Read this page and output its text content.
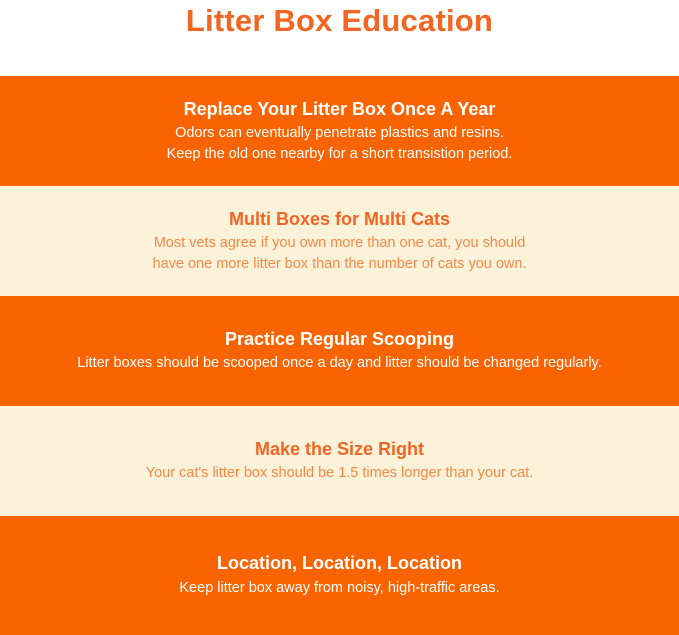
Litter Box Education
Replace Your Litter Box Once A Year
Odors can eventually penetrate plastics and resins.
Keep the old one nearby for a short transistion period.
Multi Boxes for Multi Cats
Most vets agree if you own more than one cat, you should
have one more litter box than the number of cats you own.
Practice Regular Scooping
Litter boxes should be scooped once a day and litter should be changed regularly.
Make the Size Right
Your cat's litter box should be 1.5 times longer than your cat.
Location, Location, Location
Keep litter box away from noisy, high-traffic areas.
